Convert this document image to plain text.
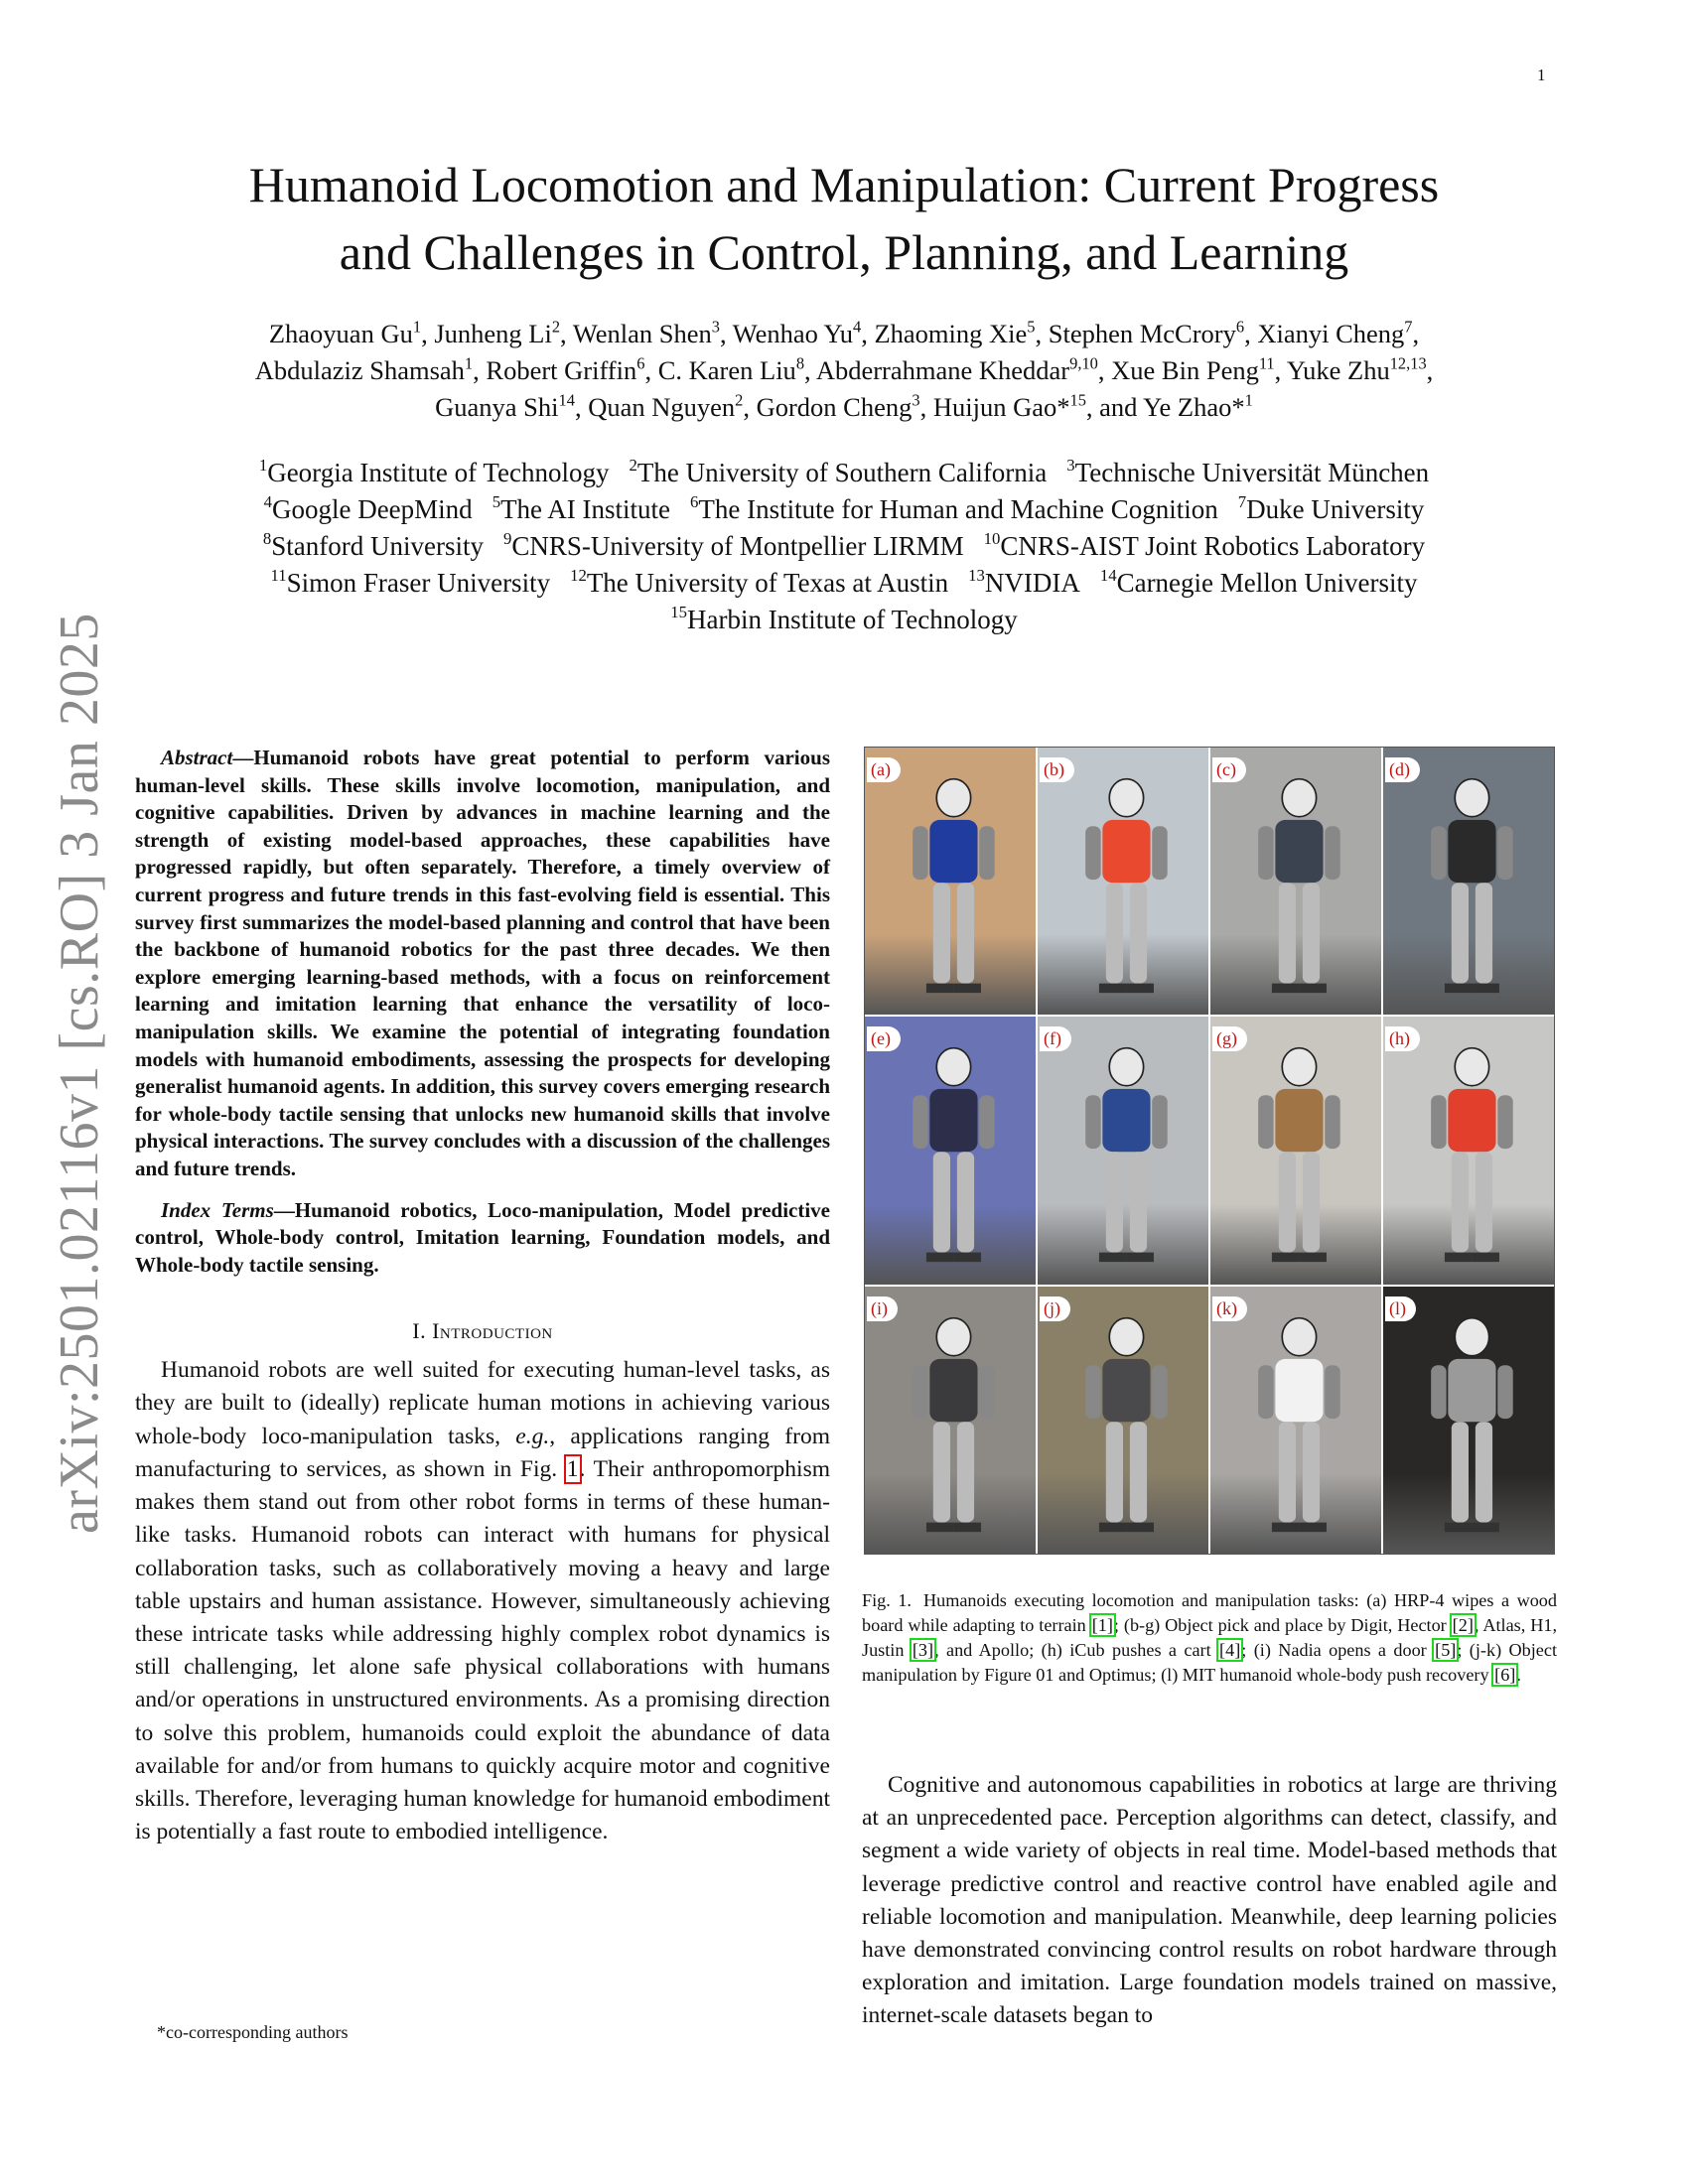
1
arXiv:2501.02116v1 [cs.RO] 3 Jan 2025
Humanoid Locomotion and Manipulation: Current Progress
and Challenges in Control, Planning, and Learning
Zhaoyuan Gu$^1$, Junheng Li$^2$, Wenlan Shen$^3$, Wenhao Yu$^4$, Zhaoming Xie$^5$, Stephen McCrory$^6$, Xianyi Cheng$^7$,
Abdulaziz Shamsah$^1$, Robert Griffin$^6$, C. Karen Liu$^8$, Abderrahmane Kheddar$^{9,10}$, Xue Bin Peng$^{11}$, Yuke Zhu$^{12,13}$,
Guanya Shi$^{14}$, Quan Nguyen$^2$, Gordon Cheng$^3$, Huijun Gao*$^{15}$, and Ye Zhao*$^1$
$^1$Georgia Institute of Technology $^2$The University of Southern California $^3$Technische Universität München
$^4$Google DeepMind $^5$The AI Institute $^6$The Institute for Human and Machine Cognition $^7$Duke University
$^8$Stanford University $^9$CNRS-University of Montpellier LIRMM $^{10}$CNRS-AIST Joint Robotics Laboratory
$^{11}$Simon Fraser University $^{12}$The University of Texas at Austin $^{13}$NVIDIA $^{14}$Carnegie Mellon University
$^{15}$Harbin Institute of Technology

Abstract—Humanoid robots have great potential to perform various human-level skills. These skills involve locomotion, manipulation, and cognitive capabilities. Driven by advances in machine learning and the strength of existing model-based approaches, these capabilities have progressed rapidly, but often separately. Therefore, a timely overview of current progress and future trends in this fast-evolving field is essential. This survey first summarizes the model-based planning and control that have been the backbone of humanoid robotics for the past three decades. We then explore emerging learning-based methods, with a focus on reinforcement learning and imitation learning that enhance the versatility of loco-manipulation skills. We examine the potential of integrating foundation models with humanoid embodiments, assessing the prospects for developing generalist humanoid agents. In addition, this survey covers emerging research for whole-body tactile sensing that unlocks new humanoid skills that involve physical interactions. The survey concludes with a discussion of the challenges and future trends.

Index Terms—Humanoid robotics, Loco-manipulation, Model predictive control, Whole-body control, Imitation learning, Foundation models, and Whole-body tactile sensing.

I. Introduction

Humanoid robots are well suited for executing human-level tasks, as they are built to (ideally) replicate human motions in achieving various whole-body loco-manipulation tasks, e.g., applications ranging from manufacturing to services, as shown in Fig. 1. Their anthropomorphism makes them stand out from other robot forms in terms of these human-like tasks. Humanoid robots can interact with humans for physical collaboration tasks, such as collaboratively moving a heavy and large table upstairs and human assistance. However, simultaneously achieving these intricate tasks while addressing highly complex robot dynamics is still challenging, let alone safe physical collaborations with humans and/or operations in unstructured environments. As a promising direction to solve this problem, humanoids could exploit the abundance of data available for and/or from humans to quickly acquire motor and cognitive skills. Therefore, leveraging human knowledge for humanoid embodiment is potentially a fast route to embodied intelligence.

*co-corresponding authors
(a)	(b)	(c)	(d)
(e)	(f)	(g)	(h)
(i)	(j)	(k)	(l)
Fig. 1. Humanoids executing locomotion and manipulation tasks: (a) HRP-4 wipes a wood board while adapting to terrain [1]; (b-g) Object pick and place by Digit, Hector [2], Atlas, H1, Justin [3], and Apollo; (h) iCub pushes a cart [4]; (i) Nadia opens a door [5]; (j-k) Object manipulation by Figure 01 and Optimus; (l) MIT humanoid whole-body push recovery [6].

Cognitive and autonomous capabilities in robotics at large are thriving at an unprecedented pace. Perception algorithms can detect, classify, and segment a wide variety of objects in real time. Model-based methods that leverage predictive control and reactive control have enabled agile and reliable locomotion and manipulation. Meanwhile, deep learning policies have demonstrated convincing control results on robot hardware through exploration and imitation. Large foundation models trained on massive, internet-scale datasets began to
